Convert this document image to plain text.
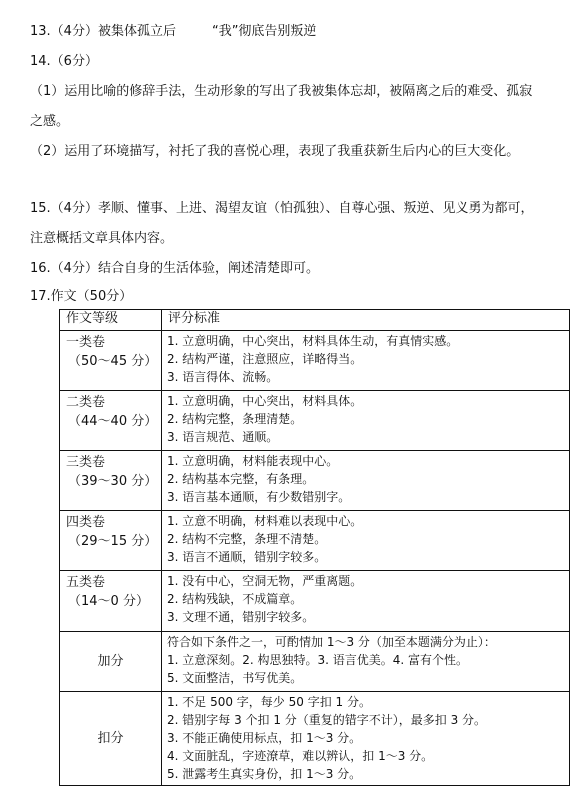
13.（4分）被集体孤立后	“我”彻底告别叛逆
14.（6分）
（1）运用比喻的修辞手法，生动形象的写出了我被集体忘却，被隔离之后的难受、孤寂
之感。
（2）运用了环境描写，衬托了我的喜悦心理，表现了我重获新生后内心的巨大变化。
15.（4分）孝顺、懂事、上进、渴望友谊（怕孤独）、自尊心强、叛逆、见义勇为都可，
注意概括文章具体内容。
16.（4分）结合自身的生活体验，阐述清楚即可。
17.作文（50分）
作文等级	评分标准

一类卷
（50～45 分）	1. 立意明确，中心突出，材料具体生动，有真情实感。
2. 结构严谨，注意照应，详略得当。
3. 语言得体、流畅。

二类卷
（44～40 分）	1. 立意明确，中心突出，材料具体。
2. 结构完整，条理清楚。
3. 语言规范、通顺。

三类卷
（39～30 分）	1. 立意明确，材料能表现中心。
2. 结构基本完整，有条理。
3. 语言基本通顺，有少数错别字。

四类卷
（29～15 分）	1. 立意不明确，材料难以表现中心。
2. 结构不完整，条理不清楚。
3. 语言不通顺，错别字较多。

五类卷
（14～0 分）	1. 没有中心，空洞无物，严重离题。
2. 结构残缺，不成篇章。
3. 文理不通，错别字较多。

加分	符合如下条件之一，可酌情加 1～3 分（加至本题满分为止）：
1. 立意深刻。2. 构思独特。3. 语言优美。4. 富有个性。
5. 文面整洁，书写优美。

扣分	1. 不足 500 字，每少 50 字扣 1 分。
2. 错别字每 3 个扣 1 分（重复的错字不计），最多扣 3 分。
3. 不能正确使用标点，扣 1～3 分。
4. 文面脏乱，字迹潦草，难以辨认，扣 1～3 分。
5. 泄露考生真实身份，扣 1～3 分。
